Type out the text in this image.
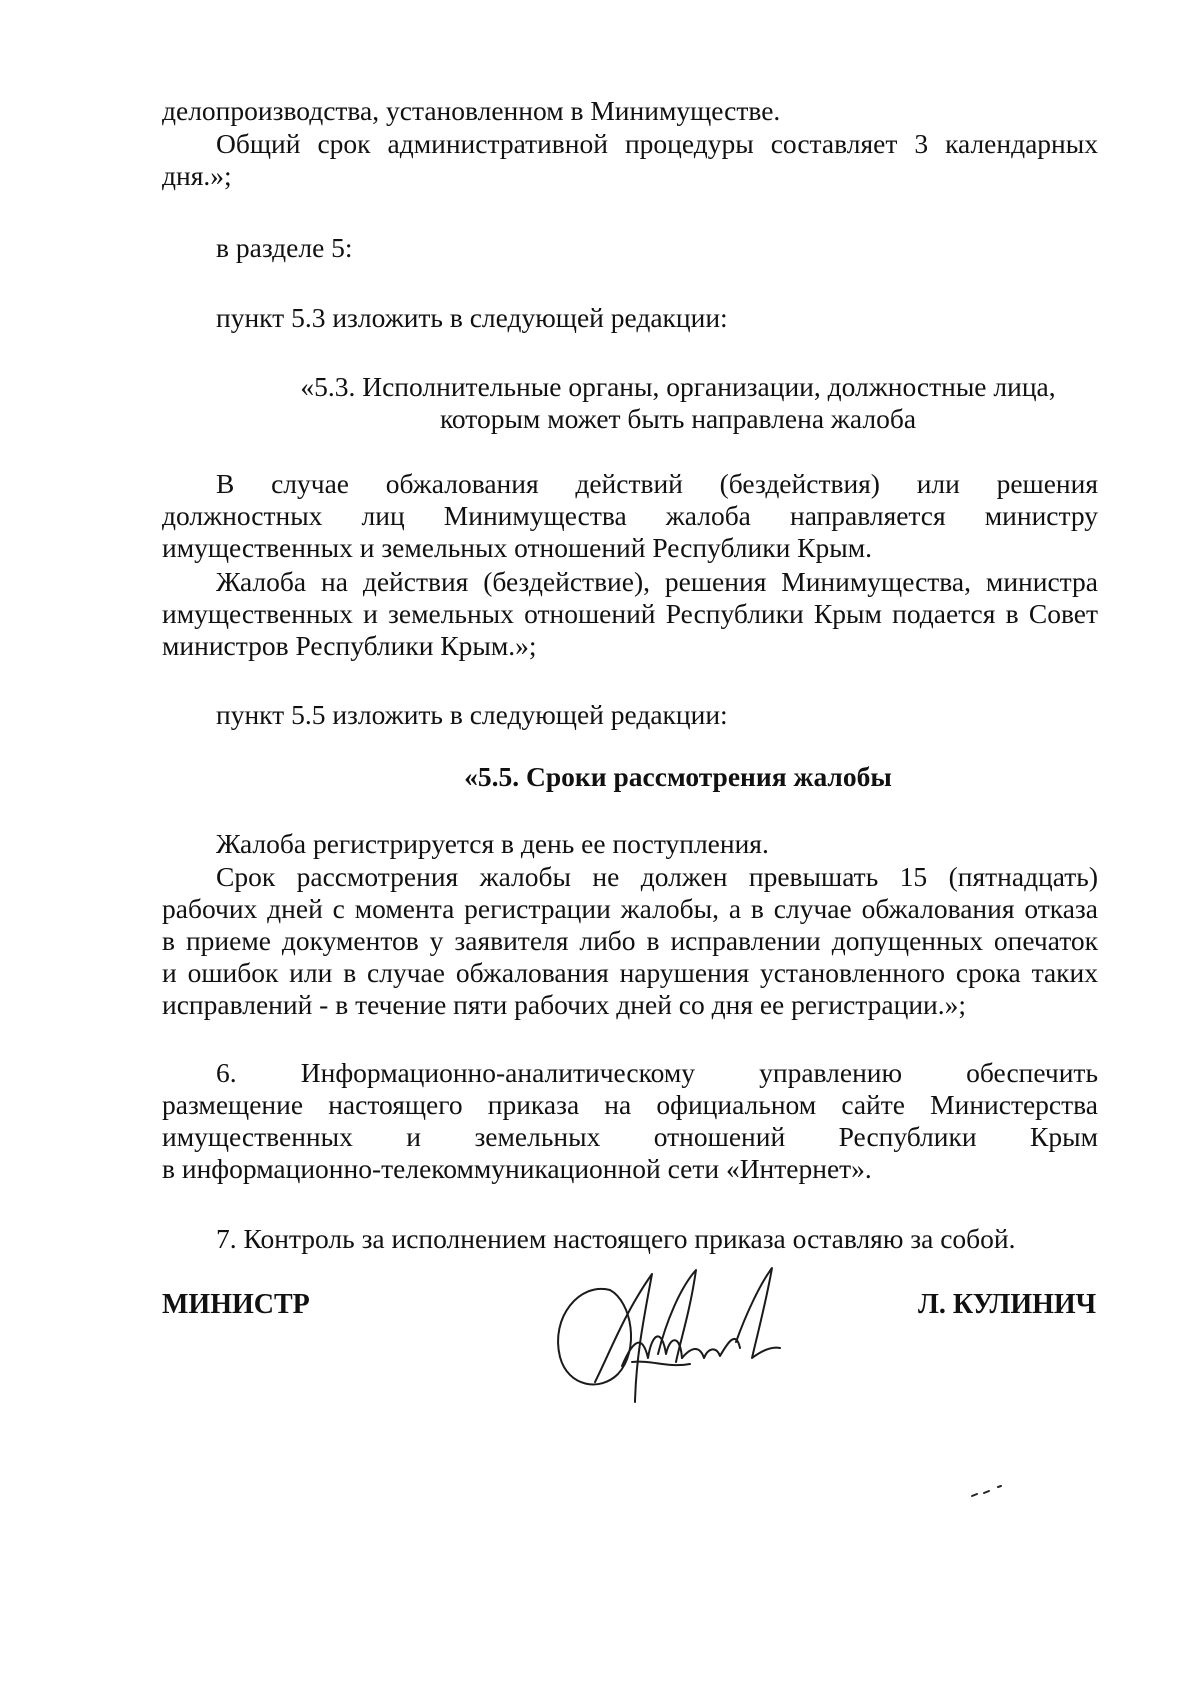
делопроизводства, установленном в Минимуществе.
Общий срок административной процедуры составляет 3 календарных
дня.»;
в разделе 5:
пункт 5.3 изложить в следующей редакции:
«5.3. Исполнительные органы, организации, должностные лица,
которым может быть направлена жалоба
В случае обжалования действий (бездействия) или решения
должностных лиц Минимущества жалоба направляется министру
имущественных и земельных отношений Республики Крым.
Жалоба на действия (бездействие), решения Минимущества, министра
имущественных и земельных отношений Республики Крым подается в Совет
министров Республики Крым.»;
пункт 5.5 изложить в следующей редакции:
«5.5. Сроки рассмотрения жалобы
Жалоба регистрируется в день ее поступления.
Срок рассмотрения жалобы не должен превышать 15 (пятнадцать)
рабочих дней с момента регистрации жалобы, а в случае обжалования отказа
в приеме документов у заявителя либо в исправлении допущенных опечаток
и ошибок или в случае обжалования нарушения установленного срока таких
исправлений - в течение пяти рабочих дней со дня ее регистрации.»;
6. Информационно-аналитическому управлению обеспечить
размещение настоящего приказа на официальном сайте Министерства
имущественных и земельных отношений Республики Крым
в информационно-телекоммуникационной сети «Интернет».
7. Контроль за исполнением настоящего приказа оставляю за собой.
МИНИСТР	Л. КУЛИНИЧ
